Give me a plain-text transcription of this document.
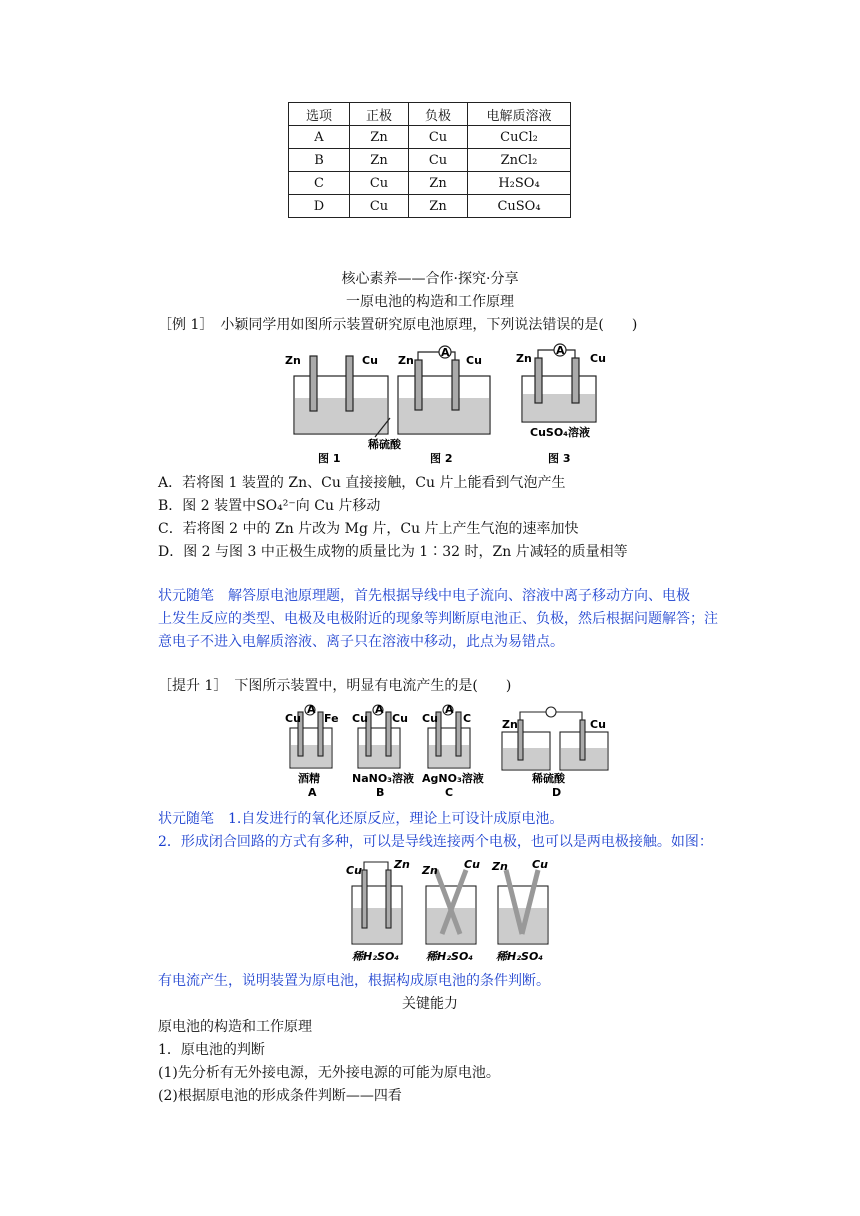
选项	正极	负极	电解质溶液
A	Zn	Cu	CuCl₂
B	Zn	Cu	ZnCl₂
C	Cu	Zn	H₂SO₄
D	Cu	Zn	CuSO₄
核心素养——合作·探究·分享
一原电池的构造和工作原理
［例 1］　小颖同学用如图所示装置研究原电池原理，下列说法错误的是(　　)
Zn	Cu Zn
A
Cu	Zn
A
Cu
稀硫酸
CuSO₄溶液
图 1	图 2	图 3
A．若将图 1 装置的 Zn、Cu 直接接触，Cu 片上能看到气泡产生
B．图 2 装置中SO₄²⁻向 Cu 片移动
C．若将图 2 中的 Zn 片改为 Mg 片，Cu 片上产生气泡的速率加快
D．图 2 与图 3 中正极生成物的质量比为 1∶32 时，Zn 片减轻的质量相等
状元随笔　解答原电池原理题，首先根据导线中电子流向、溶液中离子移动方向、电极
上发生反应的类型、电极及电极附近的现象等判断原电池正、负极，然后根据问题解答；注
意电子不进入电解质溶液、离子只在溶液中移动，此点为易错点。
［提升 1］　下图所示装置中，明显有电流产生的是(　　)
Cu
A
Fe Cu
A
Cu Cu
A
C	Zn	Cu
酒精	NaNO₃溶液 AgNO₃溶液	稀硫酸
A	B	C	D
状元随笔　1.自发进行的氧化还原反应，理论上可设计成原电池。
2．形成闭合回路的方式有多种，可以是导线连接两个电极，也可以是两电极接触。如图：
Cu	Zn Zn Cu Zn Cu
稀H₂SO₄ 稀H₂SO₄ 稀H₂SO₄
有电流产生，说明装置为原电池，根据构成原电池的条件判断。
关键能力
原电池的构造和工作原理
1．原电池的判断
(1)先分析有无外接电源，无外接电源的可能为原电池。
(2)根据原电池的形成条件判断——四看
